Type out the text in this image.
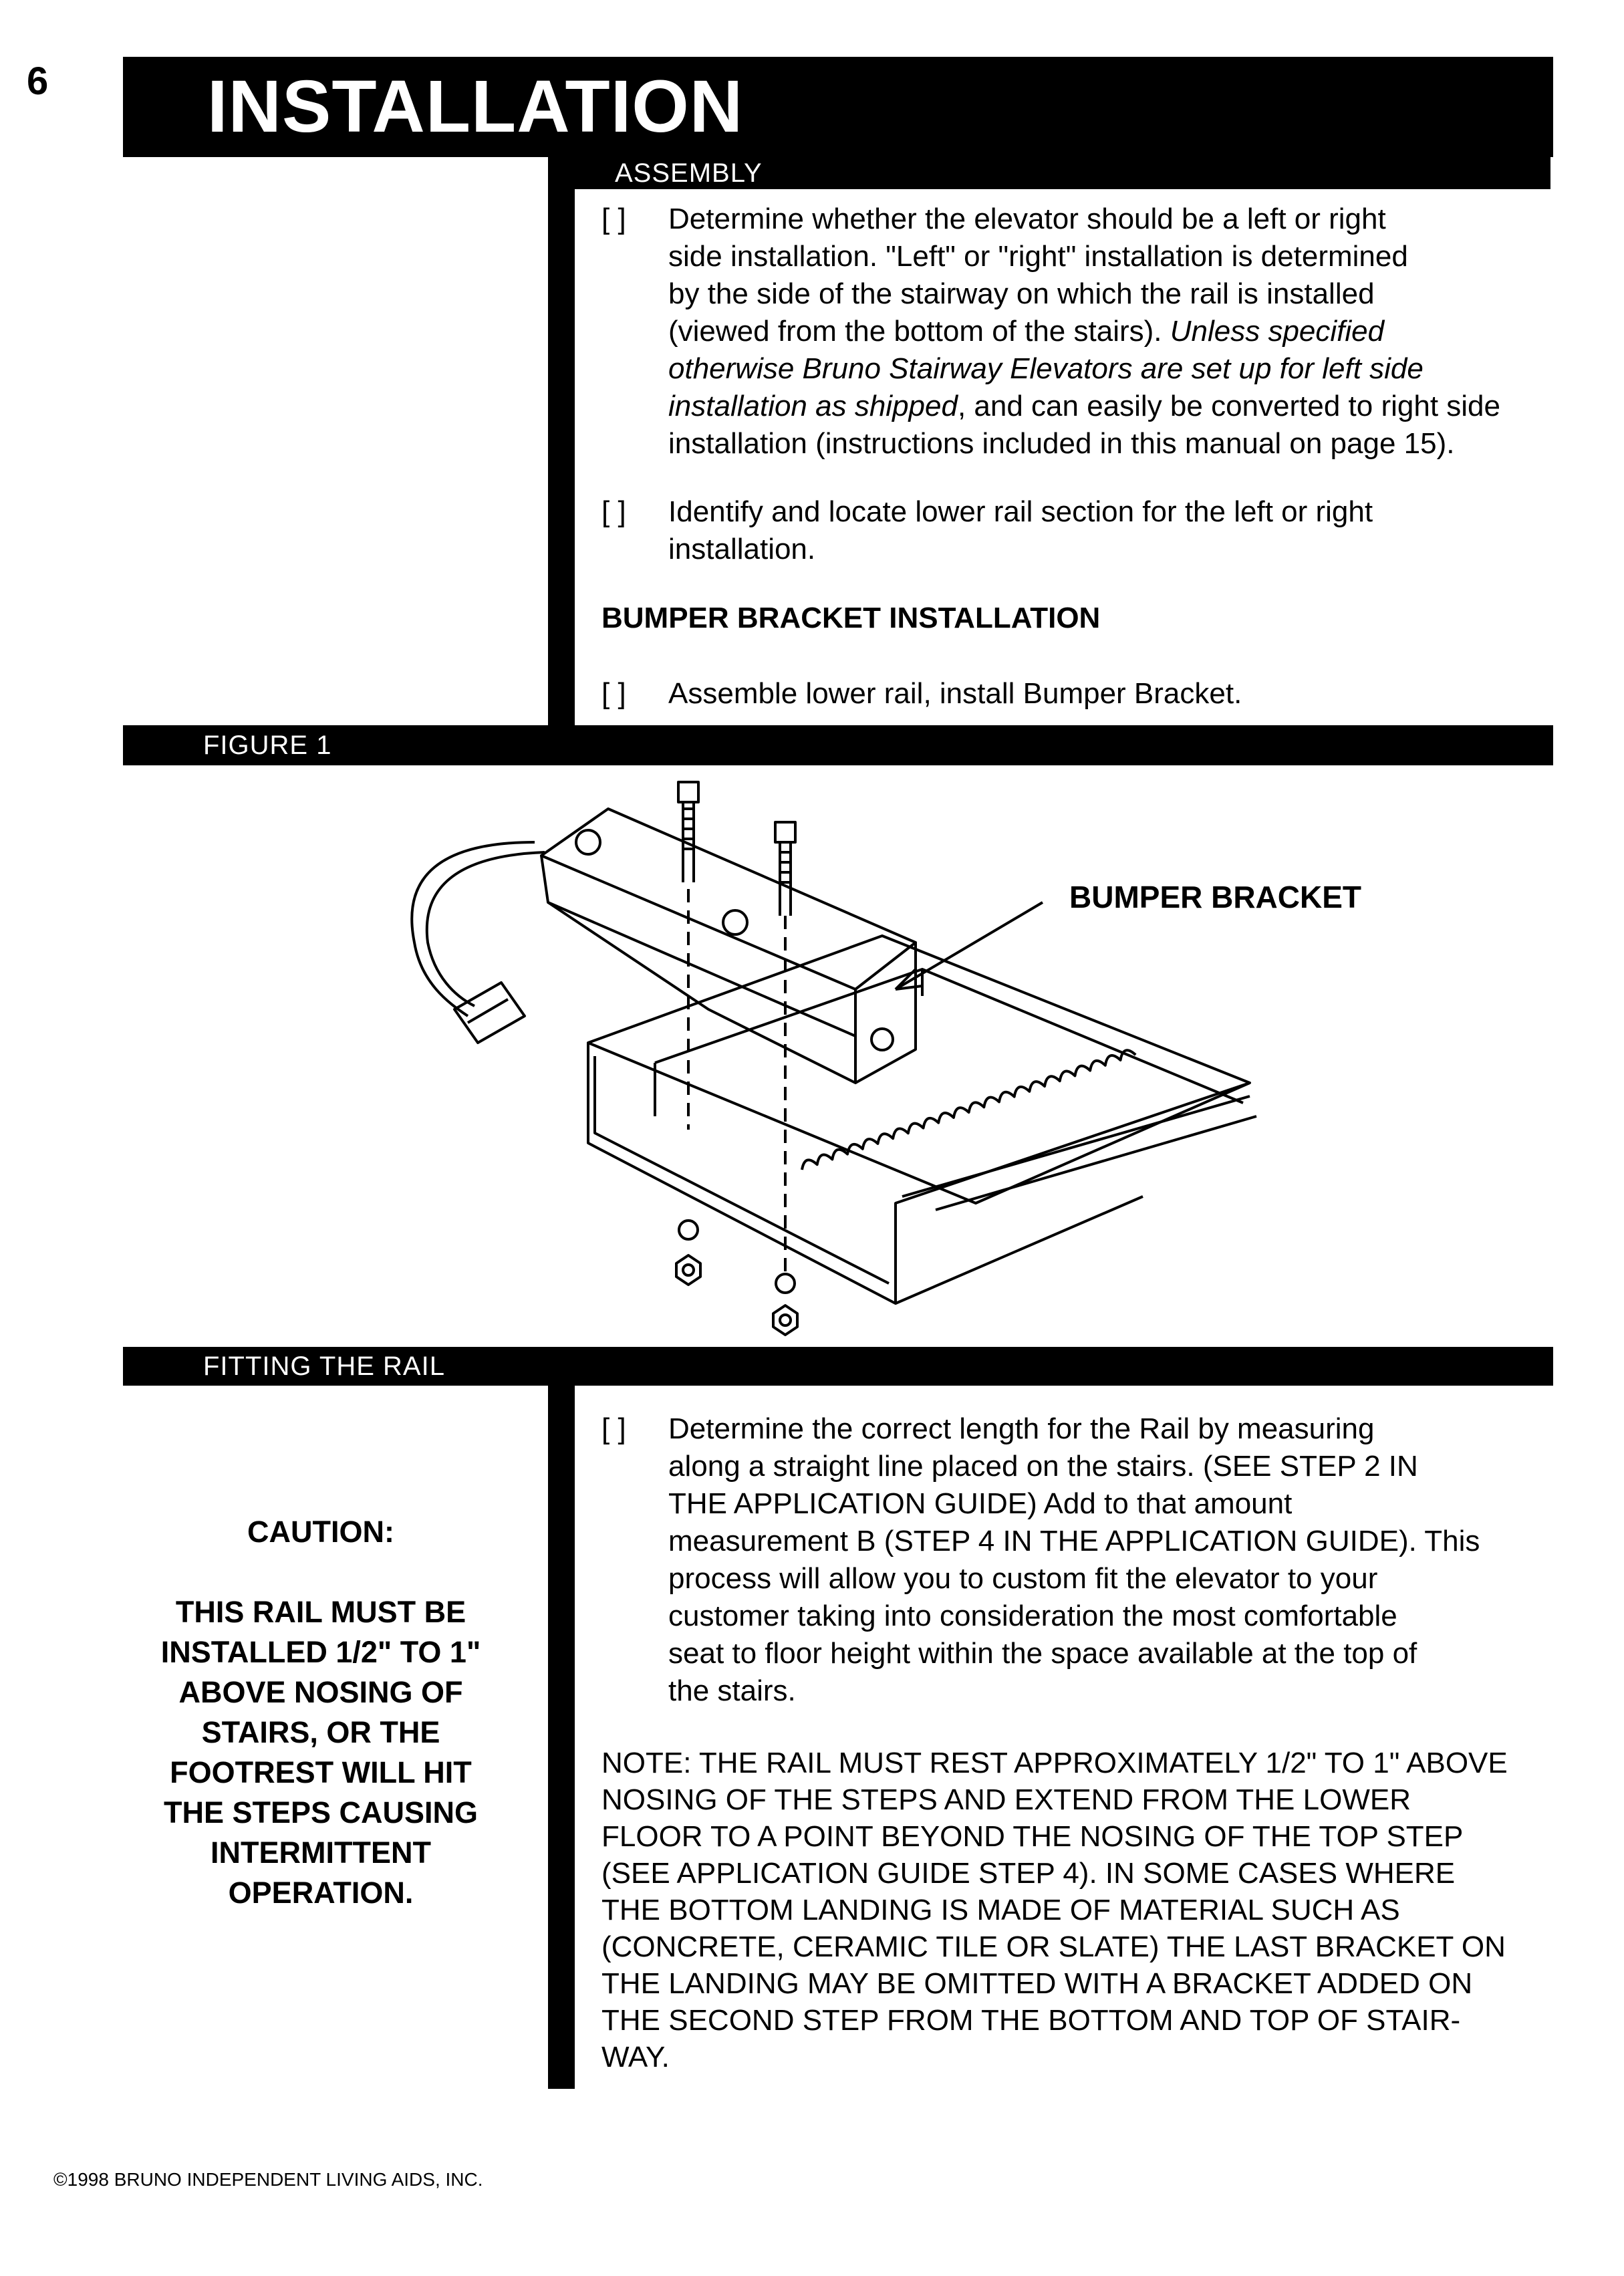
6 INSTALLATION
ASSEMBLY
[ ] Determine whether the elevator should be a left or right
side installation. "Left" or "right" installation is determined
by the side of the stairway on which the rail is installed
(viewed from the bottom of the stairs). Unless specified
otherwise Bruno Stairway Elevators are set up for left side
installation as shipped, and can easily be converted to right side
installation (instructions included in this manual on page 15).
[ ] Identify and locate lower rail section for the left or right
installation.
BUMPER BRACKET INSTALLATION
[ ] Assemble lower rail, install Bumper Bracket.
FIGURE 1
BUMPER BRACKET
FITTING THE RAIL
CAUTION:
THIS RAIL MUST BE
INSTALLED 1/2" TO 1"
ABOVE NOSING OF
STAIRS, OR THE
FOOTREST WILL HIT
THE STEPS CAUSING
INTERMITTENT
OPERATION.
[ ] Determine the correct length for the Rail by measuring
along a straight line placed on the stairs. (SEE STEP 2 IN
THE APPLICATION GUIDE) Add to that amount
measurement B (STEP 4 IN THE APPLICATION GUIDE). This
process will allow you to custom fit the elevator to your
customer taking into consideration the most comfortable
seat to floor height within the space available at the top of
the stairs.
NOTE: THE RAIL MUST REST APPROXIMATELY 1/2" TO 1" ABOVE
NOSING OF THE STEPS AND EXTEND FROM THE LOWER
FLOOR TO A POINT BEYOND THE NOSING OF THE TOP STEP
(SEE APPLICATION GUIDE STEP 4). IN SOME CASES WHERE
THE BOTTOM LANDING IS MADE OF MATERIAL SUCH AS
(CONCRETE, CERAMIC TILE OR SLATE) THE LAST BRACKET ON
THE LANDING MAY BE OMITTED WITH A BRACKET ADDED ON
THE SECOND STEP FROM THE BOTTOM AND TOP OF STAIR-
WAY.
©1998 BRUNO INDEPENDENT LIVING AIDS, INC.
